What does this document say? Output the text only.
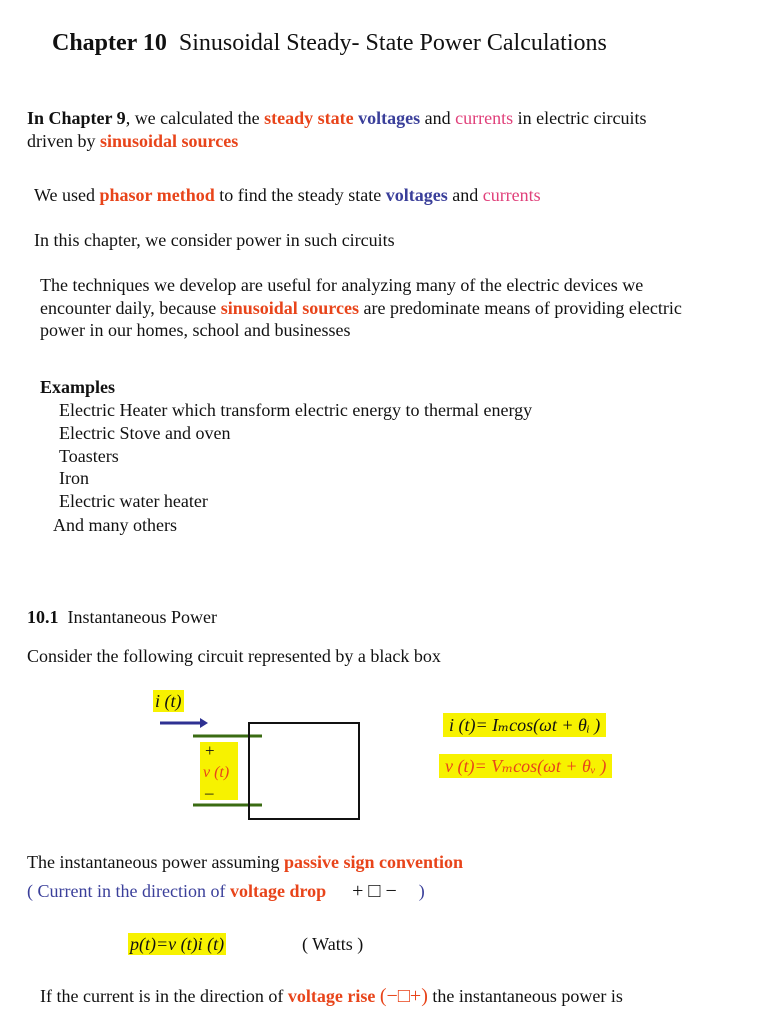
Chapter 10 Sinusoidal Steady- State Power Calculations
In Chapter 9, we calculated the steady state voltages and currents in electric circuits
driven by sinusoidal sources
We used phasor method to find the steady state voltages and currents
In this chapter, we consider power in such circuits
The techniques we develop are useful for analyzing many of the electric devices we
encounter daily, because sinusoidal sources are predominate means of providing electric
power in our homes, school and businesses
Examples
Electric Heater which transform electric energy to thermal energy
Electric Stove and oven
Toasters
Iron
Electric water heater
And many others
10.1 Instantaneous Power
Consider the following circuit represented by a black box
i (t)
+
v (t)
–
i (t)= Iₘcos(ωt + θᵢ )
v (t)= Vₘcos(ωt + θᵥ )
The instantaneous power assuming passive sign convention
( Current in the direction of voltage drop + □ − )
p(t)=v (t)i (t)	( Watts )
If the current is in the direction of voltage rise (−□+) the instantaneous power is
